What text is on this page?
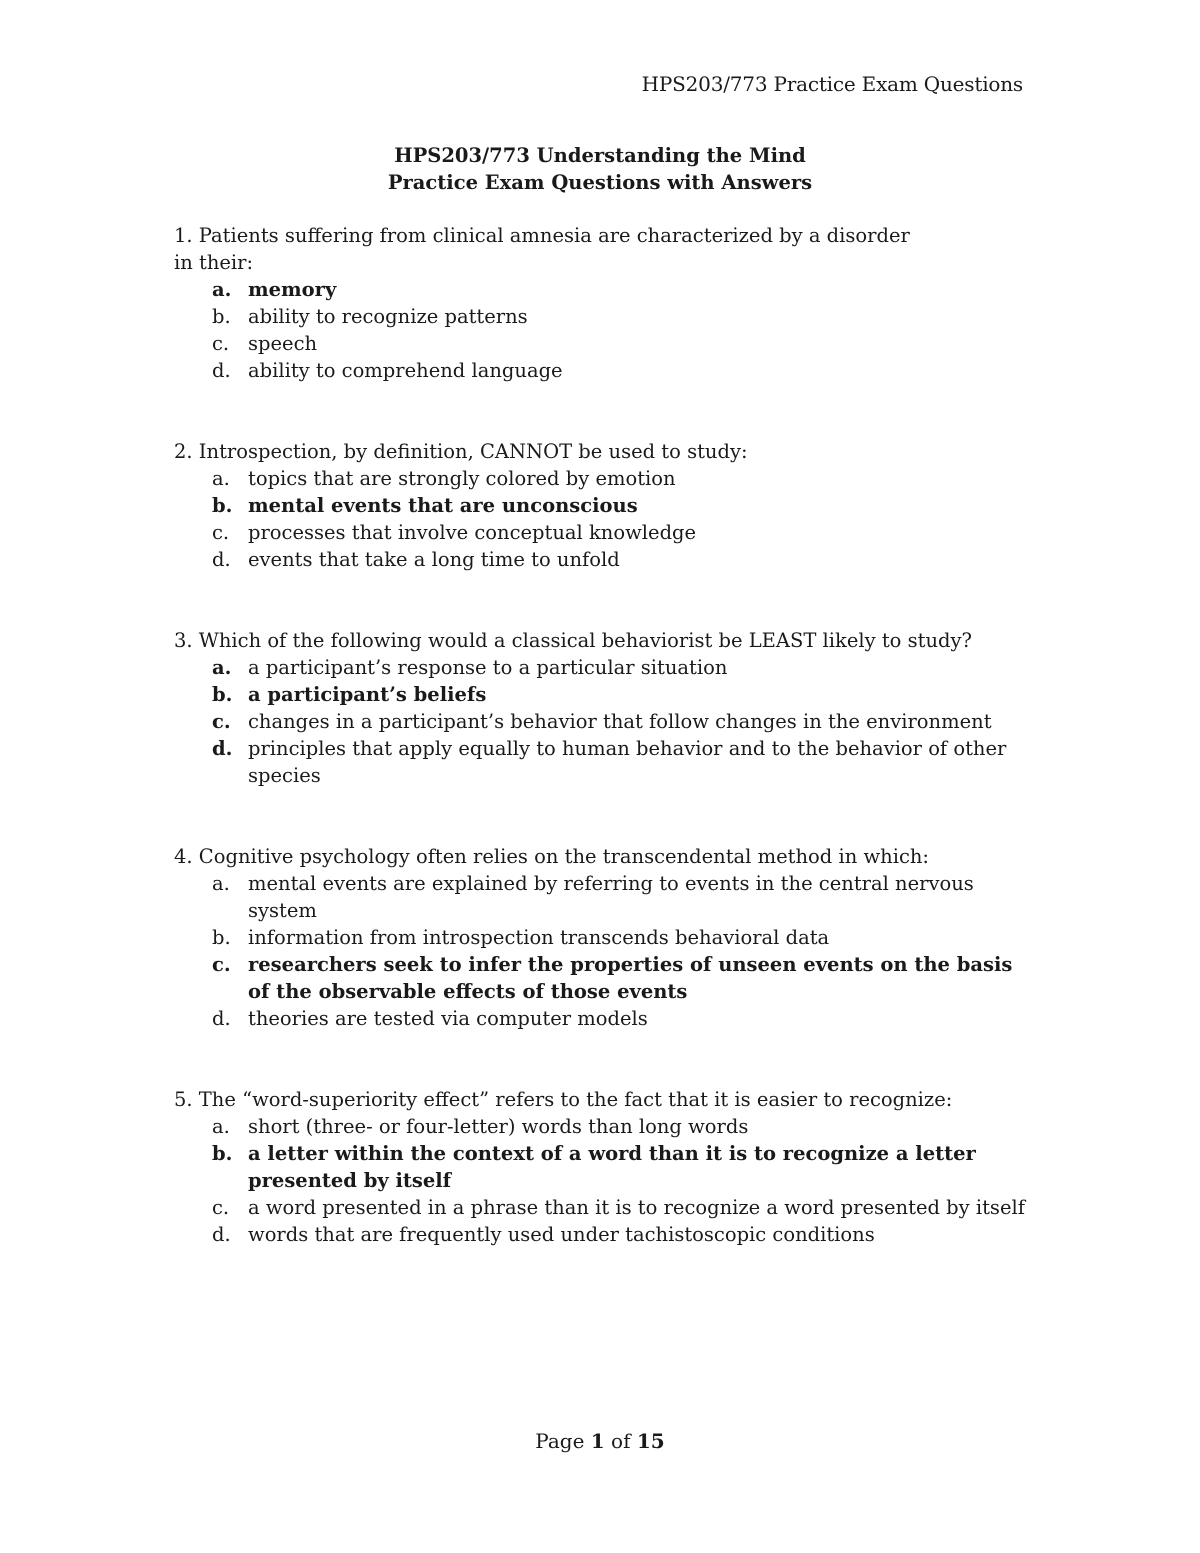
HPS203/773 Practice Exam Questions
HPS203/773 Understanding the Mind
Practice Exam Questions with Answers

1. Patients suffering from clinical amnesia are characterized by a disorder

in their:

a. memory
b. ability to recognize patterns
c. speech
d. ability to comprehend language

2. Introspection, by definition, CANNOT be used to study:

a. topics that are strongly colored by emotion
b. mental events that are unconscious
c. processes that involve conceptual knowledge
d. events that take a long time to unfold

3. Which of the following would a classical behaviorist be LEAST likely to study?

a. a participant’s response to a particular situation
b. a participant’s beliefs
c. changes in a participant’s behavior that follow changes in the environment
d. principles that apply equally to human behavior and to the behavior of other species

4. Cognitive psychology often relies on the transcendental method in which:

a. mental events are explained by referring to events in the central nervous system
b. information from introspection transcends behavioral data
c. researchers seek to infer the properties of unseen events on the basis of the observable effects of those events
d. theories are tested via computer models

5. The “word-superiority effect” refers to the fact that it is easier to recognize:

a. short (three- or four-letter) words than long words
b. a letter within the context of a word than it is to recognize a letter presented by itself
c. a word presented in a phrase than it is to recognize a word presented by itself
d. words that are frequently used under tachistoscopic conditions
Page 1 of 15
